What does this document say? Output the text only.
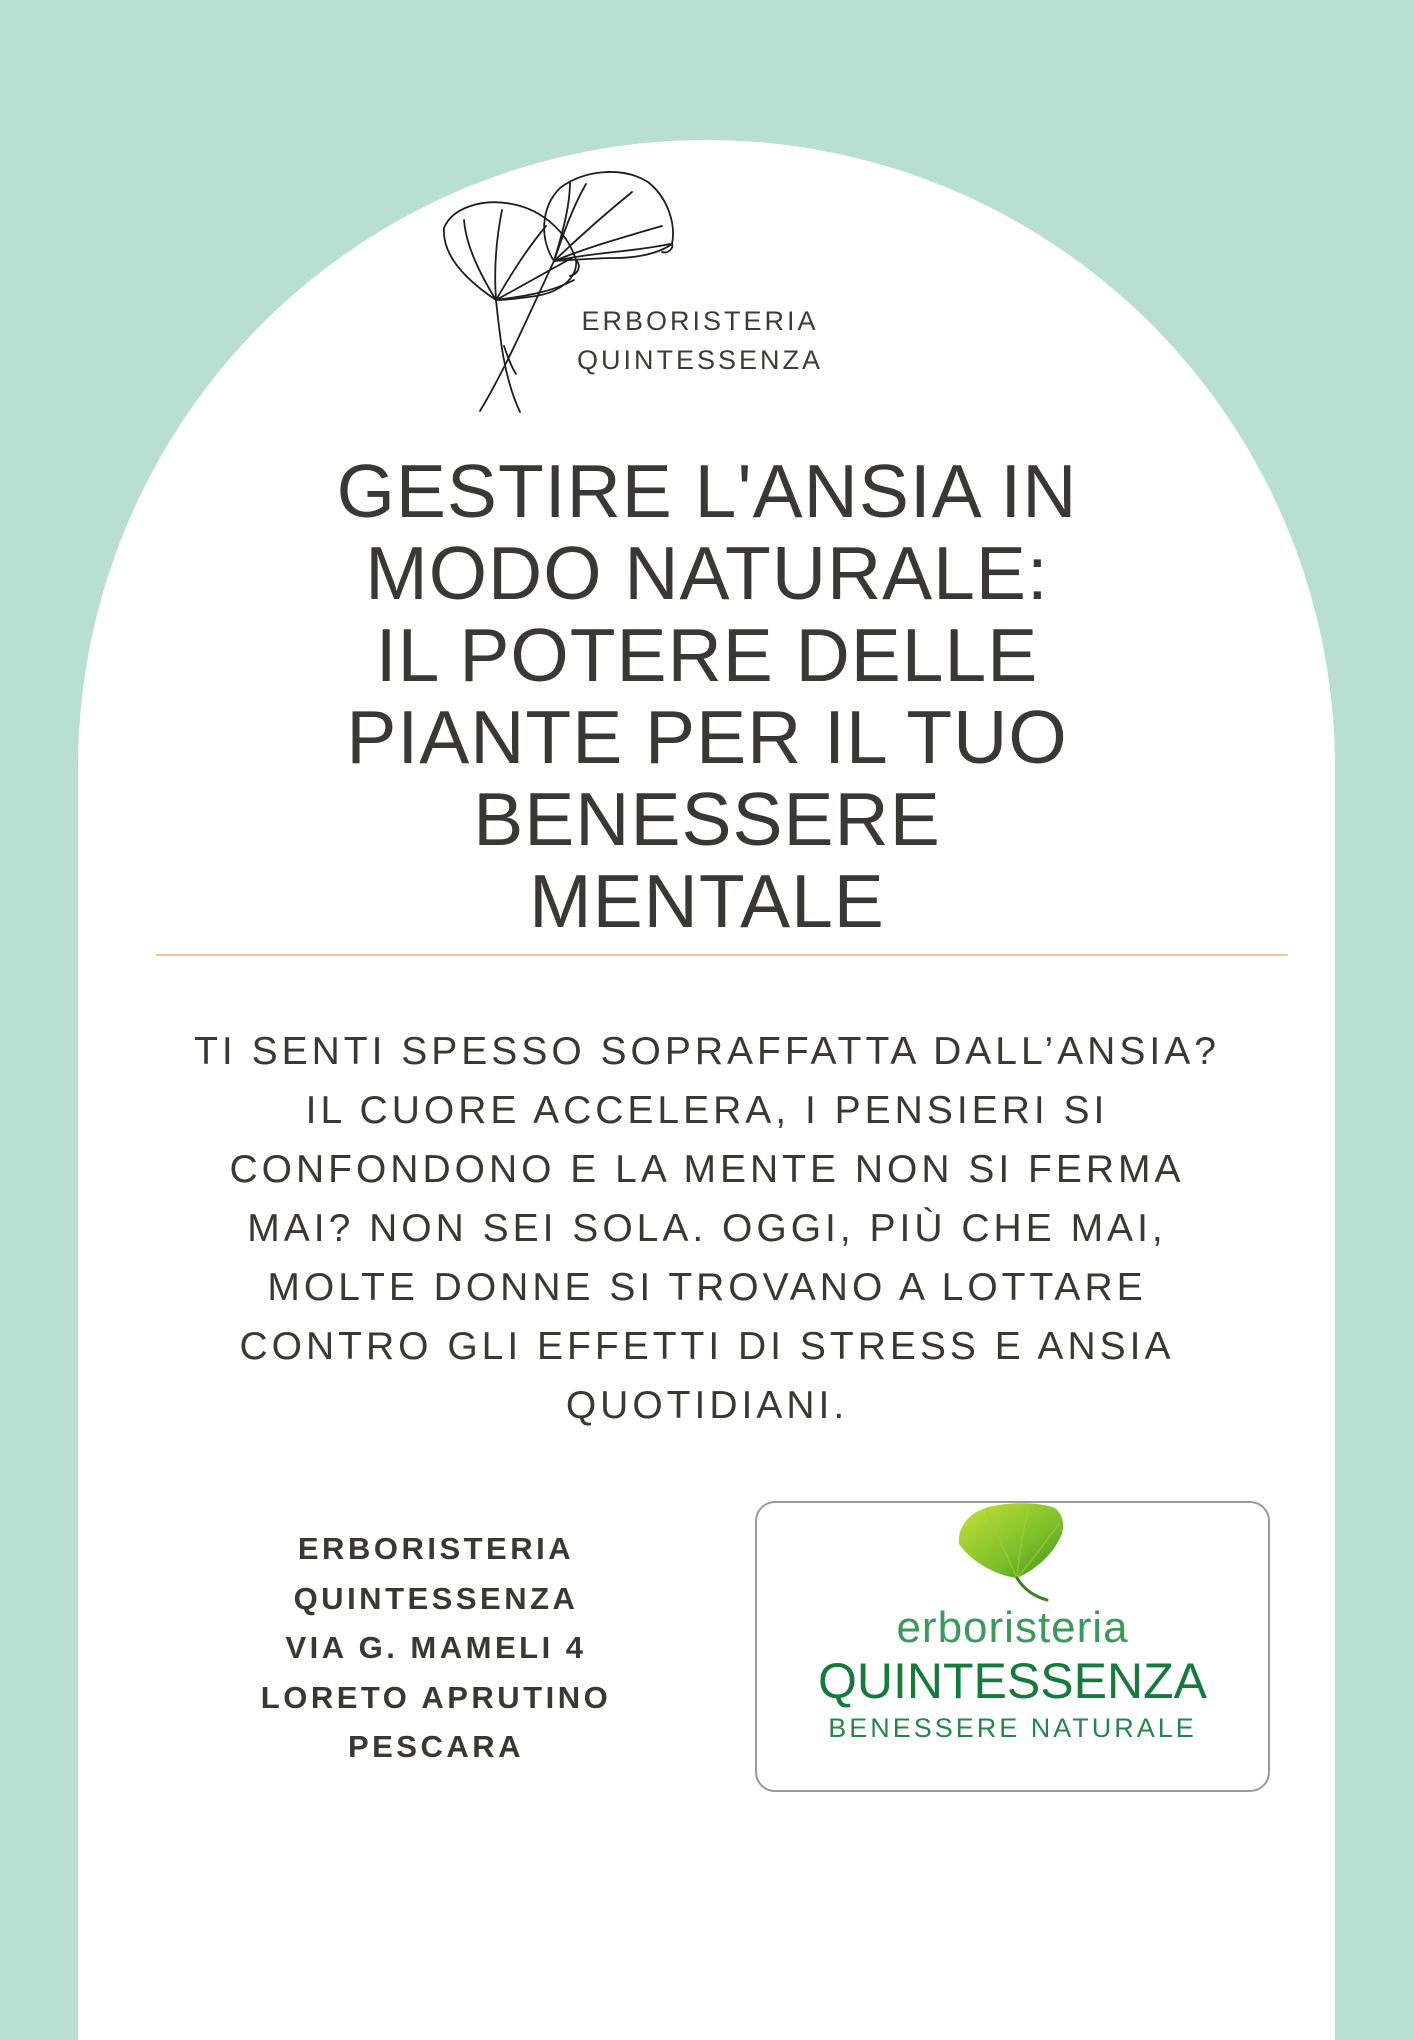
ERBORISTERIA
QUINTESSENZA
GESTIRE L'ANSIA IN
MODO NATURALE:
IL POTERE DELLE
PIANTE PER IL TUO
BENESSERE
MENTALE
TI SENTI SPESSO SOPRAFFATTA DALL’ANSIA?
IL CUORE ACCELERA, I PENSIERI SI
CONFONDONO E LA MENTE NON SI FERMA
MAI? NON SEI SOLA. OGGI, PIÙ CHE MAI,
MOLTE DONNE SI TROVANO A LOTTARE
CONTRO GLI EFFETTI DI STRESS E ANSIA
QUOTIDIANI.
ERBORISTERIA
QUINTESSENZA
VIA G. MAMELI 4
LORETO APRUTINO
PESCARA
erboristeria
QUINTESSENZA
BENESSERE NATURALE
